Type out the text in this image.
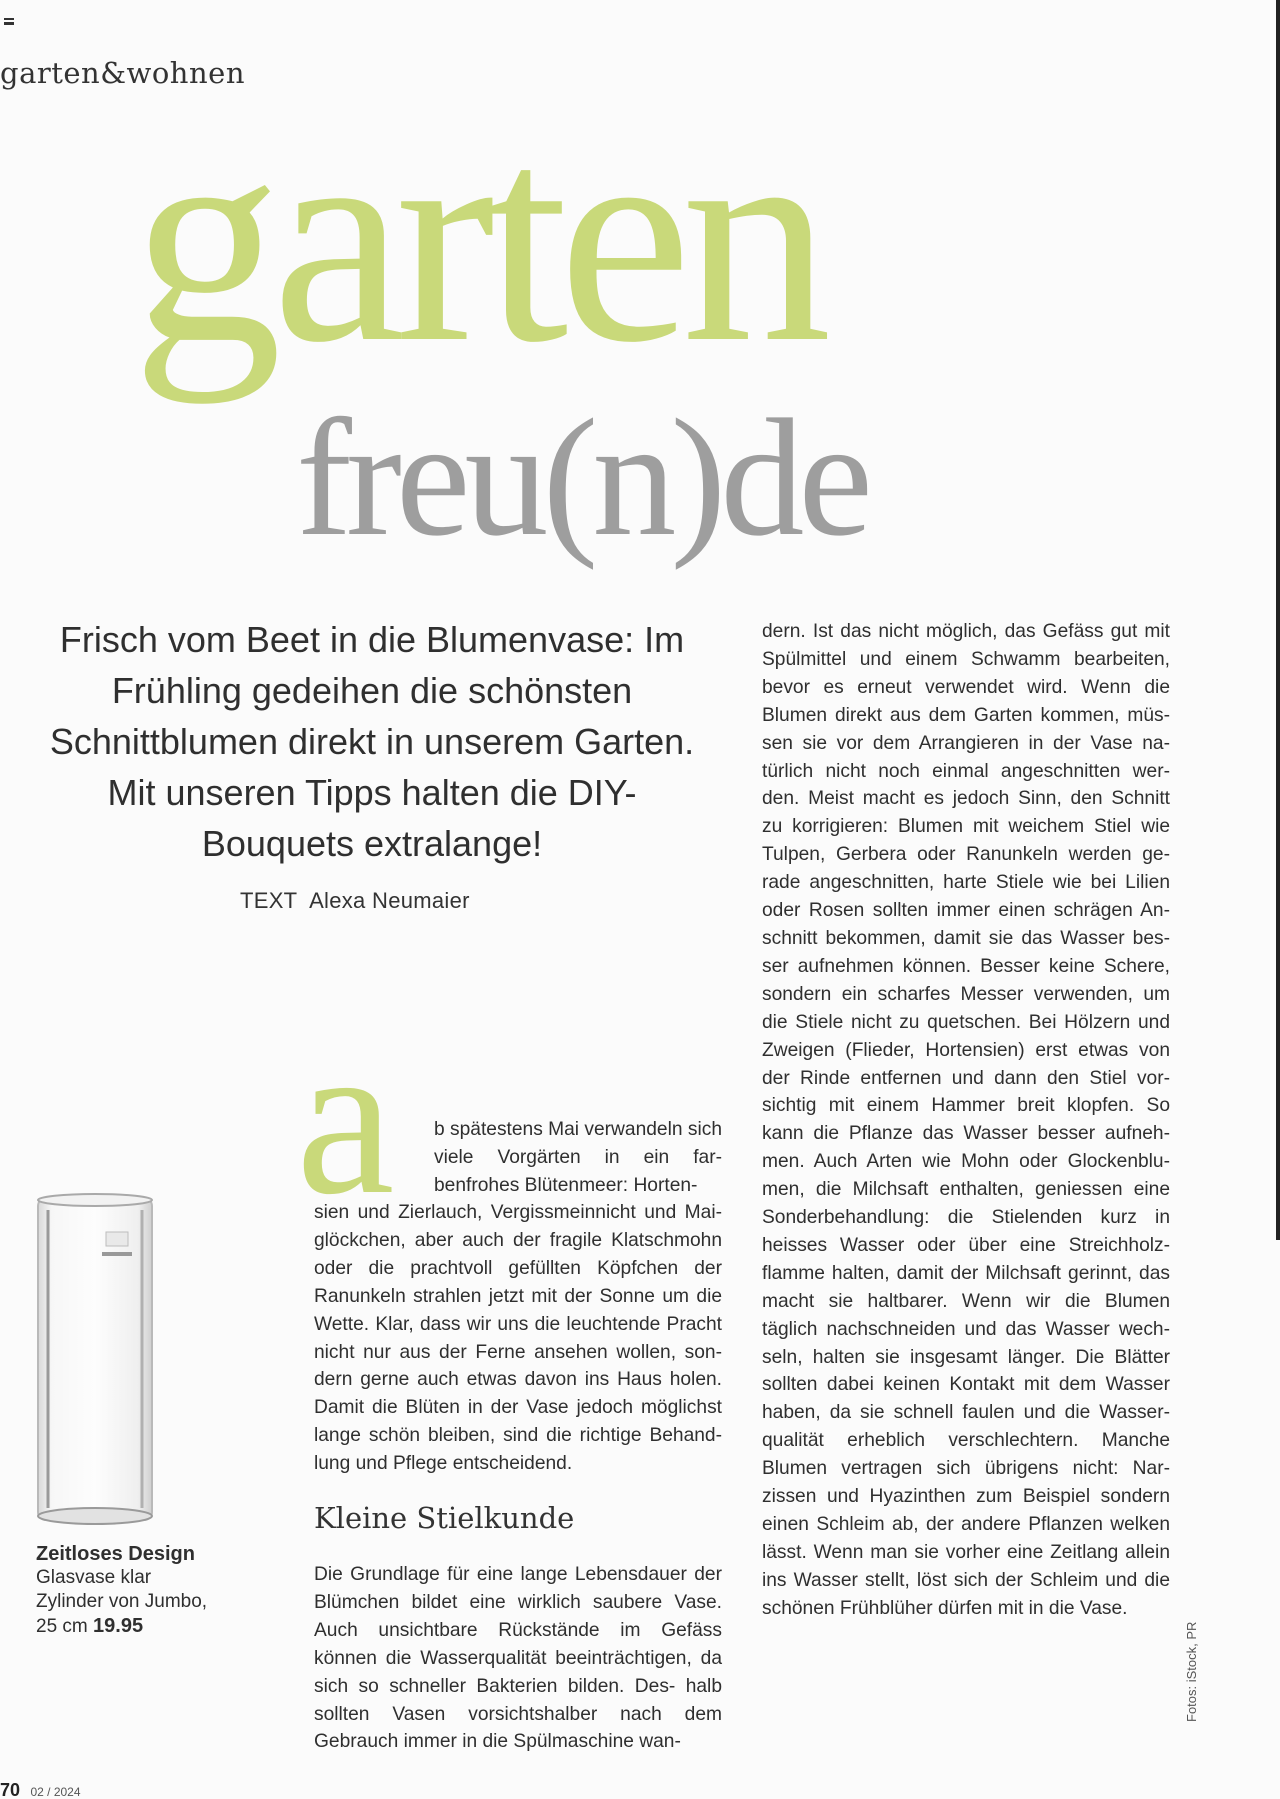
garten&wohnen
garten
freu(n)de
Frisch vom Beet in die Blumenvase: Im Frühling gedeihen die schönsten Schnittblumen direkt in unserem Garten. Mit unseren Tipps halten die DIY-Bouquets extralange!
TEXT Alexa Neumaier
a b spätestens Mai verwandeln sich viele Vorgärten in ein far- benfrohes Blütenmeer: Horten-
sien und Zierlauch, Vergissmeinnicht und Mai- glöckchen, aber auch der fragile Klatschmohn oder die prachtvoll gefüllten Köpfchen der Ranunkeln strahlen jetzt mit der Sonne um die Wette. Klar, dass wir uns die leuchtende Pracht nicht nur aus der Ferne ansehen wollen, son- dern gerne auch etwas davon ins Haus holen. Damit die Blüten in der Vase jedoch möglichst lange schön bleiben, sind die richtige Behand- lung und Pflege entscheidend.
Kleine Stielkunde
Die Grundlage für eine lange Lebensdauer der Blümchen bildet eine wirklich saubere Vase. Auch unsichtbare Rückstände im Gefäss können die Wasserqualität beeinträchtigen, da sich so schneller Bakterien bilden. Des- halb sollten Vasen vorsichtshalber nach dem Gebrauch immer in die Spülmaschine wan-
dern. Ist das nicht möglich, das Gefäss gut mit Spülmittel und einem Schwamm bearbeiten, bevor es erneut verwendet wird. Wenn die Blumen direkt aus dem Garten kommen, müs- sen sie vor dem Arrangieren in der Vase na- türlich nicht noch einmal angeschnitten wer- den. Meist macht es jedoch Sinn, den Schnitt zu korrigieren: Blumen mit weichem Stiel wie Tulpen, Gerbera oder Ranunkeln werden ge- rade angeschnitten, harte Stiele wie bei Lilien oder Rosen sollten immer einen schrägen An- schnitt bekommen, damit sie das Wasser bes- ser aufnehmen können. Besser keine Schere, sondern ein scharfes Messer verwenden, um die Stiele nicht zu quetschen. Bei Hölzern und Zweigen (Flieder, Hortensien) erst etwas von der Rinde entfernen und dann den Stiel vor- sichtig mit einem Hammer breit klopfen. So kann die Pflanze das Wasser besser aufneh- men. Auch Arten wie Mohn oder Glockenblu- men, die Milchsaft enthalten, geniessen eine Sonderbehandlung: die Stielenden kurz in heisses Wasser oder über eine Streichholz- flamme halten, damit der Milchsaft gerinnt, das macht sie haltbarer. Wenn wir die Blumen täglich nachschneiden und das Wasser wech- seln, halten sie insgesamt länger. Die Blätter sollten dabei keinen Kontakt mit dem Wasser haben, da sie schnell faulen und die Wasser- qualität erheblich verschlechtern. Manche Blumen vertragen sich übrigens nicht: Nar- zissen und Hyazinthen zum Beispiel sondern einen Schleim ab, der andere Pflanzen welken lässt. Wenn man sie vorher eine Zeitlang allein ins Wasser stellt, löst sich der Schleim und die schönen Frühblüher dürfen mit in die Vase.
Zeitloses Design
Glasvase klar
Zylinder von Jumbo,
25 cm 19.95	Fotos: iStock, PR
70 02 / 2024
